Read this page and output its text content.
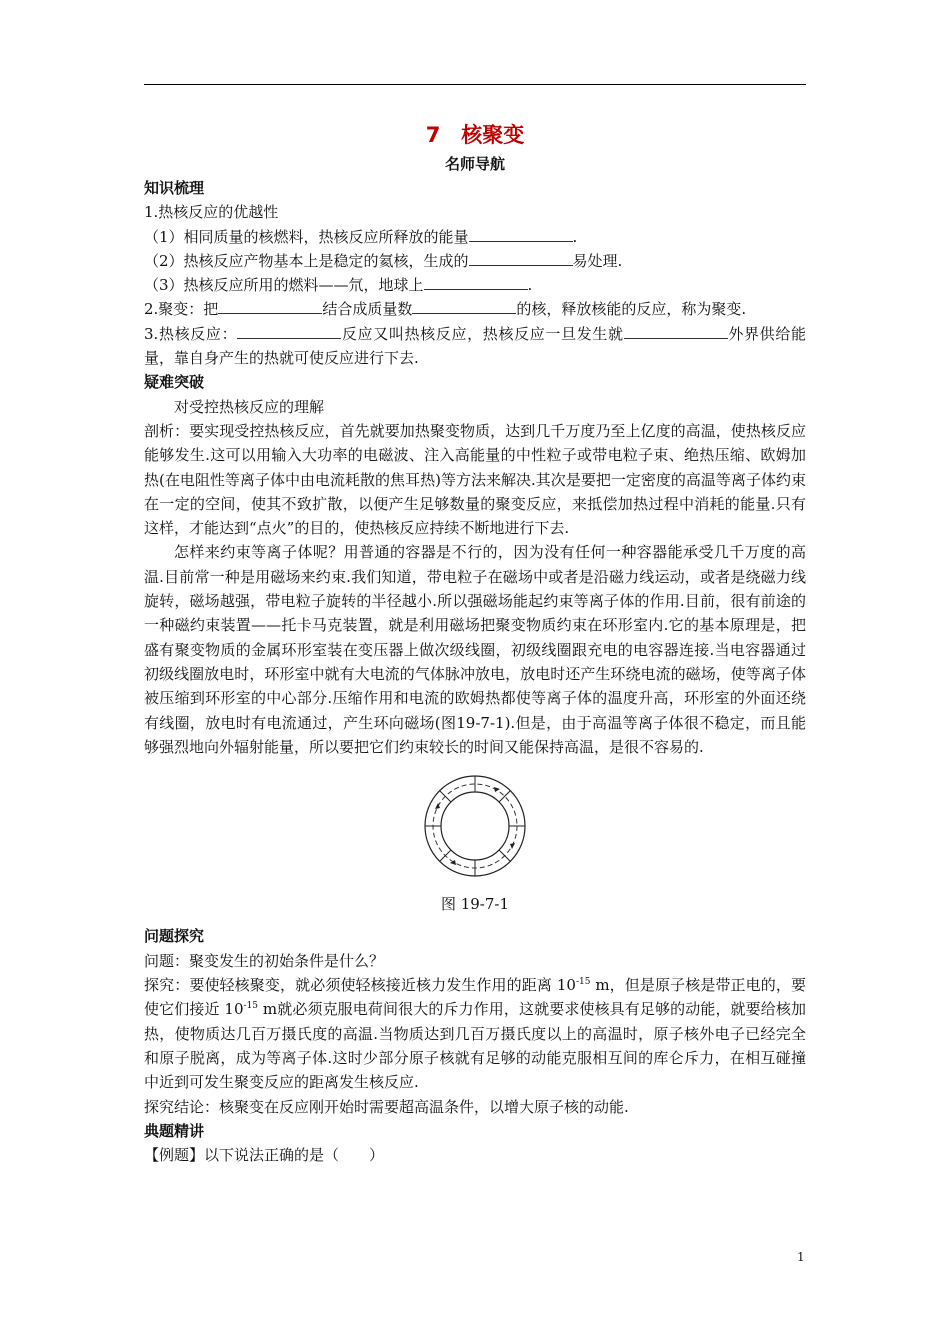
7　核聚变
名师导航
知识梳理

1.热核反应的优越性

（1）相同质量的核燃料，热核反应所释放的能量	.

（2）热核反应产物基本上是稳定的氦核，生成的	易处理.

（3）热核反应所用的燃料——氘，地球上	.

2.聚变：把	结合成质量数	的核，释放核能的反应，称为聚变.

3.热核反应：	反应又叫热核反应，热核反应一旦发生就	外界供给能量，靠自身产生的热就可使反应进行下去.

疑难突破

对受控热核反应的理解

剖析：要实现受控热核反应，首先就要加热聚变物质，达到几千万度乃至上亿度的高温，使热核反应能够发生.这可以用输入大功率的电磁波、注入高能量的中性粒子或带电粒子束、绝热压缩、欧姆加热(在电阻性等离子体中由电流耗散的焦耳热)等方法来解决.其次是要把一定密度的高温等离子体约束在一定的空间，使其不致扩散，以便产生足够数量的聚变反应，来抵偿加热过程中消耗的能量.只有这样，才能达到“点火”的目的，使热核反应持续不断地进行下去.

怎样来约束等离子体呢？用普通的容器是不行的，因为没有任何一种容器能承受几千万度的高温.目前常一种是用磁场来约束.我们知道，带电粒子在磁场中或者是沿磁力线运动，或者是绕磁力线旋转，磁场越强，带电粒子旋转的半径越小.所以强磁场能起约束等离子体的作用.目前，很有前途的一种磁约束装置——托卡马克装置，就是利用磁场把聚变物质约束在环形室内.它的基本原理是，把盛有聚变物质的金属环形室装在变压器上做次级线圈，初级线圈跟充电的电容器连接.当电容器通过初级线圈放电时，环形室中就有大电流的气体脉冲放电，放电时还产生环绕电流的磁场，使等离子体被压缩到环形室的中心部分.压缩作用和电流的欧姆热都使等离子体的温度升高，环形室的外面还绕有线圈，放电时有电流通过，产生环向磁场(图19-7-1).但是，由于高温等离子体很不稳定，而且能够强烈地向外辐射能量，所以要把它们约束较长的时间又能保持高温，是很不容易的.

图 19-7-1
问题探究

问题：聚变发生的初始条件是什么？

探究：要使轻核聚变，就必须使轻核接近核力发生作用的距离 $10^{-15}$ m，但是原子核是带正电的，要使它们接近 $10^{-15}$ m就必须克服电荷间很大的斥力作用，这就要求使核具有足够的动能，就要给核加热，使物质达几百万摄氏度的高温.当物质达到几百万摄氏度以上的高温时，原子核外电子已经完全和原子脱离，成为等离子体.这时少部分原子核就有足够的动能克服相互间的库仑斥力，在相互碰撞中近到可发生聚变反应的距离发生核反应.

探究结论：核聚变在反应刚开始时需要超高温条件，以增大原子核的动能.

典题精讲

【例题】以下说法正确的是（　　）

1
